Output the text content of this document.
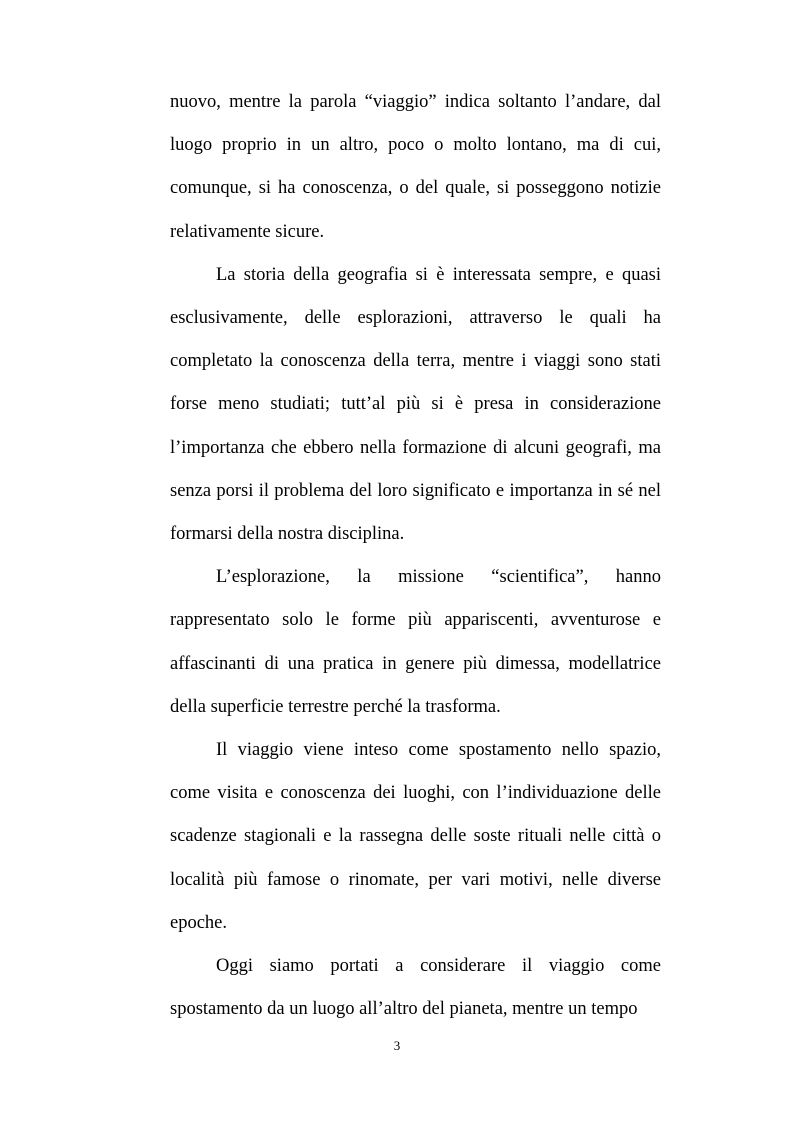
nuovo, mentre la parola “viaggio” indica soltanto l’andare, dal luogo proprio in un altro, poco o molto lontano, ma di cui, comunque, si ha conoscenza, o del quale, si posseggono notizie relativamente sicure.

La storia della geografia si è interessata sempre, e quasi esclusivamente, delle esplorazioni, attraverso le quali ha completato la conoscenza della terra, mentre i viaggi sono stati forse meno studiati; tutt’al più si è presa in considerazione l’importanza che ebbero nella formazione di alcuni geografi, ma senza porsi il problema del loro significato e importanza in sé nel formarsi della nostra disciplina.

L’esplorazione, la missione “scientifica”, hanno rappresentato solo le forme più appariscenti, avventurose e affascinanti di una pratica in genere più dimessa, modellatrice della superficie terrestre perché la trasforma.

Il viaggio viene inteso come spostamento nello spazio, come visita e conoscenza dei luoghi, con l’individuazione delle scadenze stagionali e la rassegna delle soste rituali nelle città o località più famose o rinomate, per vari motivi, nelle diverse epoche.

Oggi siamo portati a considerare il viaggio come spostamento da un luogo all’altro del pianeta, mentre un tempo

3
